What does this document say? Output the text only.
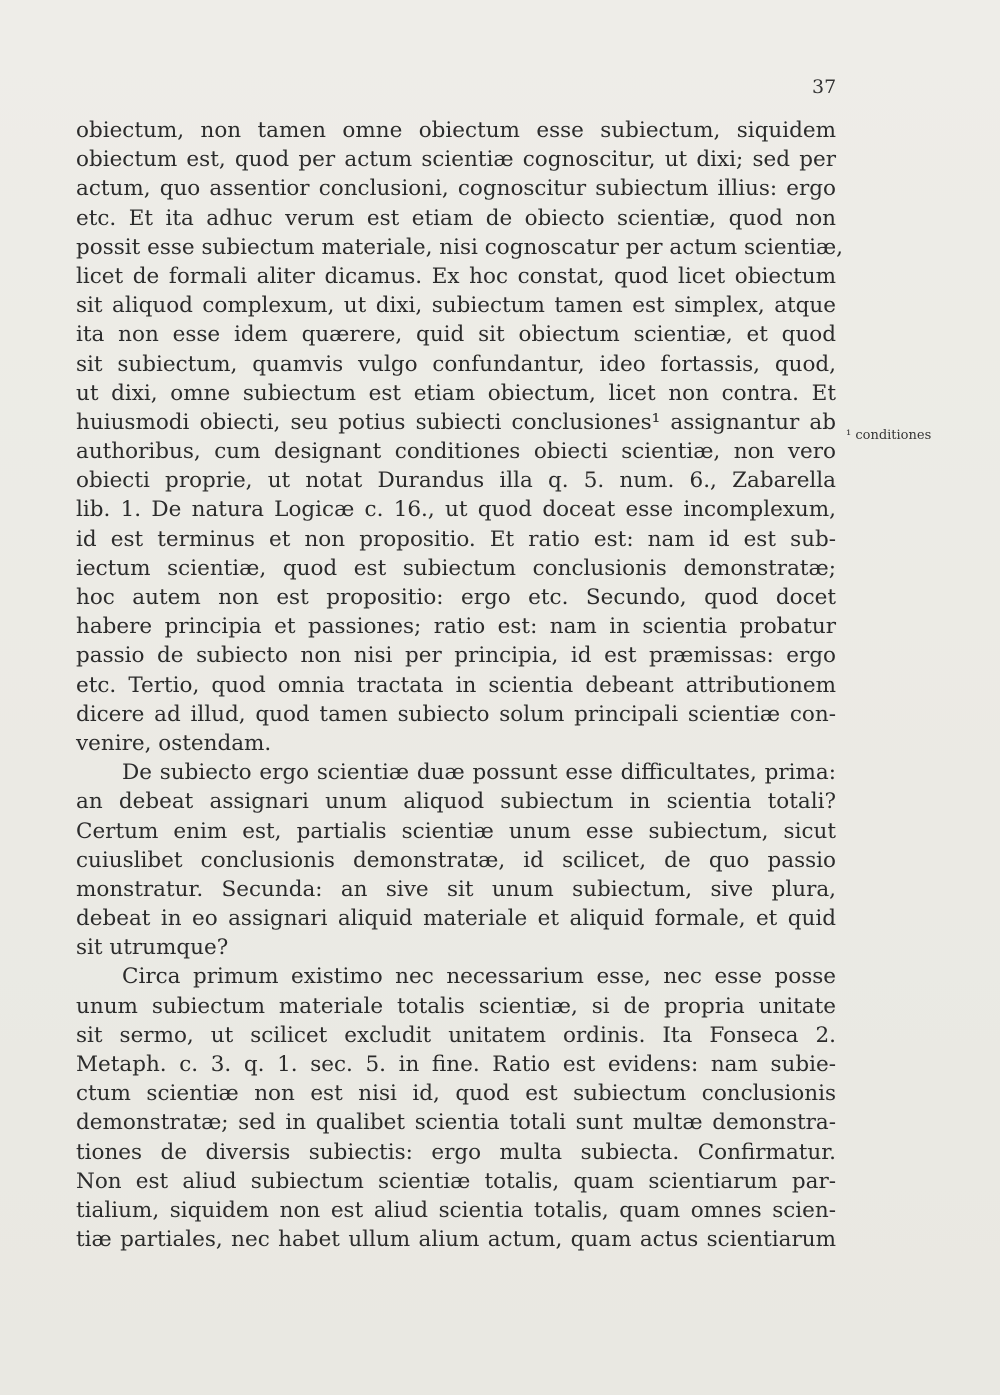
37
obiectum, non tamen omne obiectum esse subiectum, siquidem
obiectum est, quod per actum scientiæ cognoscitur, ut dixi; sed per
actum, quo assentior conclusioni, cognoscitur subiectum illius: ergo
etc. Et ita adhuc verum est etiam de obiecto scientiæ, quod non
possit esse subiectum materiale, nisi cognoscatur per actum scientiæ,
licet de formali aliter dicamus. Ex hoc constat, quod licet obiectum
sit aliquod complexum, ut dixi, subiectum tamen est simplex, atque
ita non esse idem quærere, quid sit obiectum scientiæ, et quod
sit subiectum, quamvis vulgo confundantur, ideo fortassis, quod,
ut dixi, omne subiectum est etiam obiectum, licet non contra. Et
huiusmodi obiecti, seu potius subiecti conclusiones¹ assignantur ab
authoribus, cum designant conditiones obiecti scientiæ, non vero
obiecti proprie, ut notat Durandus illa q. 5. num. 6., Zabarella
lib. 1. De natura Logicæ c. 16., ut quod doceat esse incomplexum,
id est terminus et non propositio. Et ratio est: nam id est sub-
iectum scientiæ, quod est subiectum conclusionis demonstratæ;
hoc autem non est propositio: ergo etc. Secundo, quod docet
habere principia et passiones; ratio est: nam in scientia probatur
passio de subiecto non nisi per principia, id est præmissas: ergo
etc. Tertio, quod omnia tractata in scientia debeant attributionem
dicere ad illud, quod tamen subiecto solum principali scientiæ con-
venire, ostendam.
De subiecto ergo scientiæ duæ possunt esse difficultates, prima:
an debeat assignari unum aliquod subiectum in scientia totali?
Certum enim est, partialis scientiæ unum esse subiectum, sicut
cuiuslibet conclusionis demonstratæ, id scilicet, de quo passio
monstratur. Secunda: an sive sit unum subiectum, sive plura,
debeat in eo assignari aliquid materiale et aliquid formale, et quid
sit utrumque?
Circa primum existimo nec necessarium esse, nec esse posse
unum subiectum materiale totalis scientiæ, si de propria unitate
sit sermo, ut scilicet excludit unitatem ordinis. Ita Fonseca 2.
Metaph. c. 3. q. 1. sec. 5. in fine. Ratio est evidens: nam subie-
ctum scientiæ non est nisi id, quod est subiectum conclusionis
demonstratæ; sed in qualibet scientia totali sunt multæ demonstra-
tiones de diversis subiectis: ergo multa subiecta. Confirmatur.
Non est aliud subiectum scientiæ totalis, quam scientiarum par-
tialium, siquidem non est aliud scientia totalis, quam omnes scien-
tiæ partiales, nec habet ullum alium actum, quam actus scientiarum
¹ conditiones
